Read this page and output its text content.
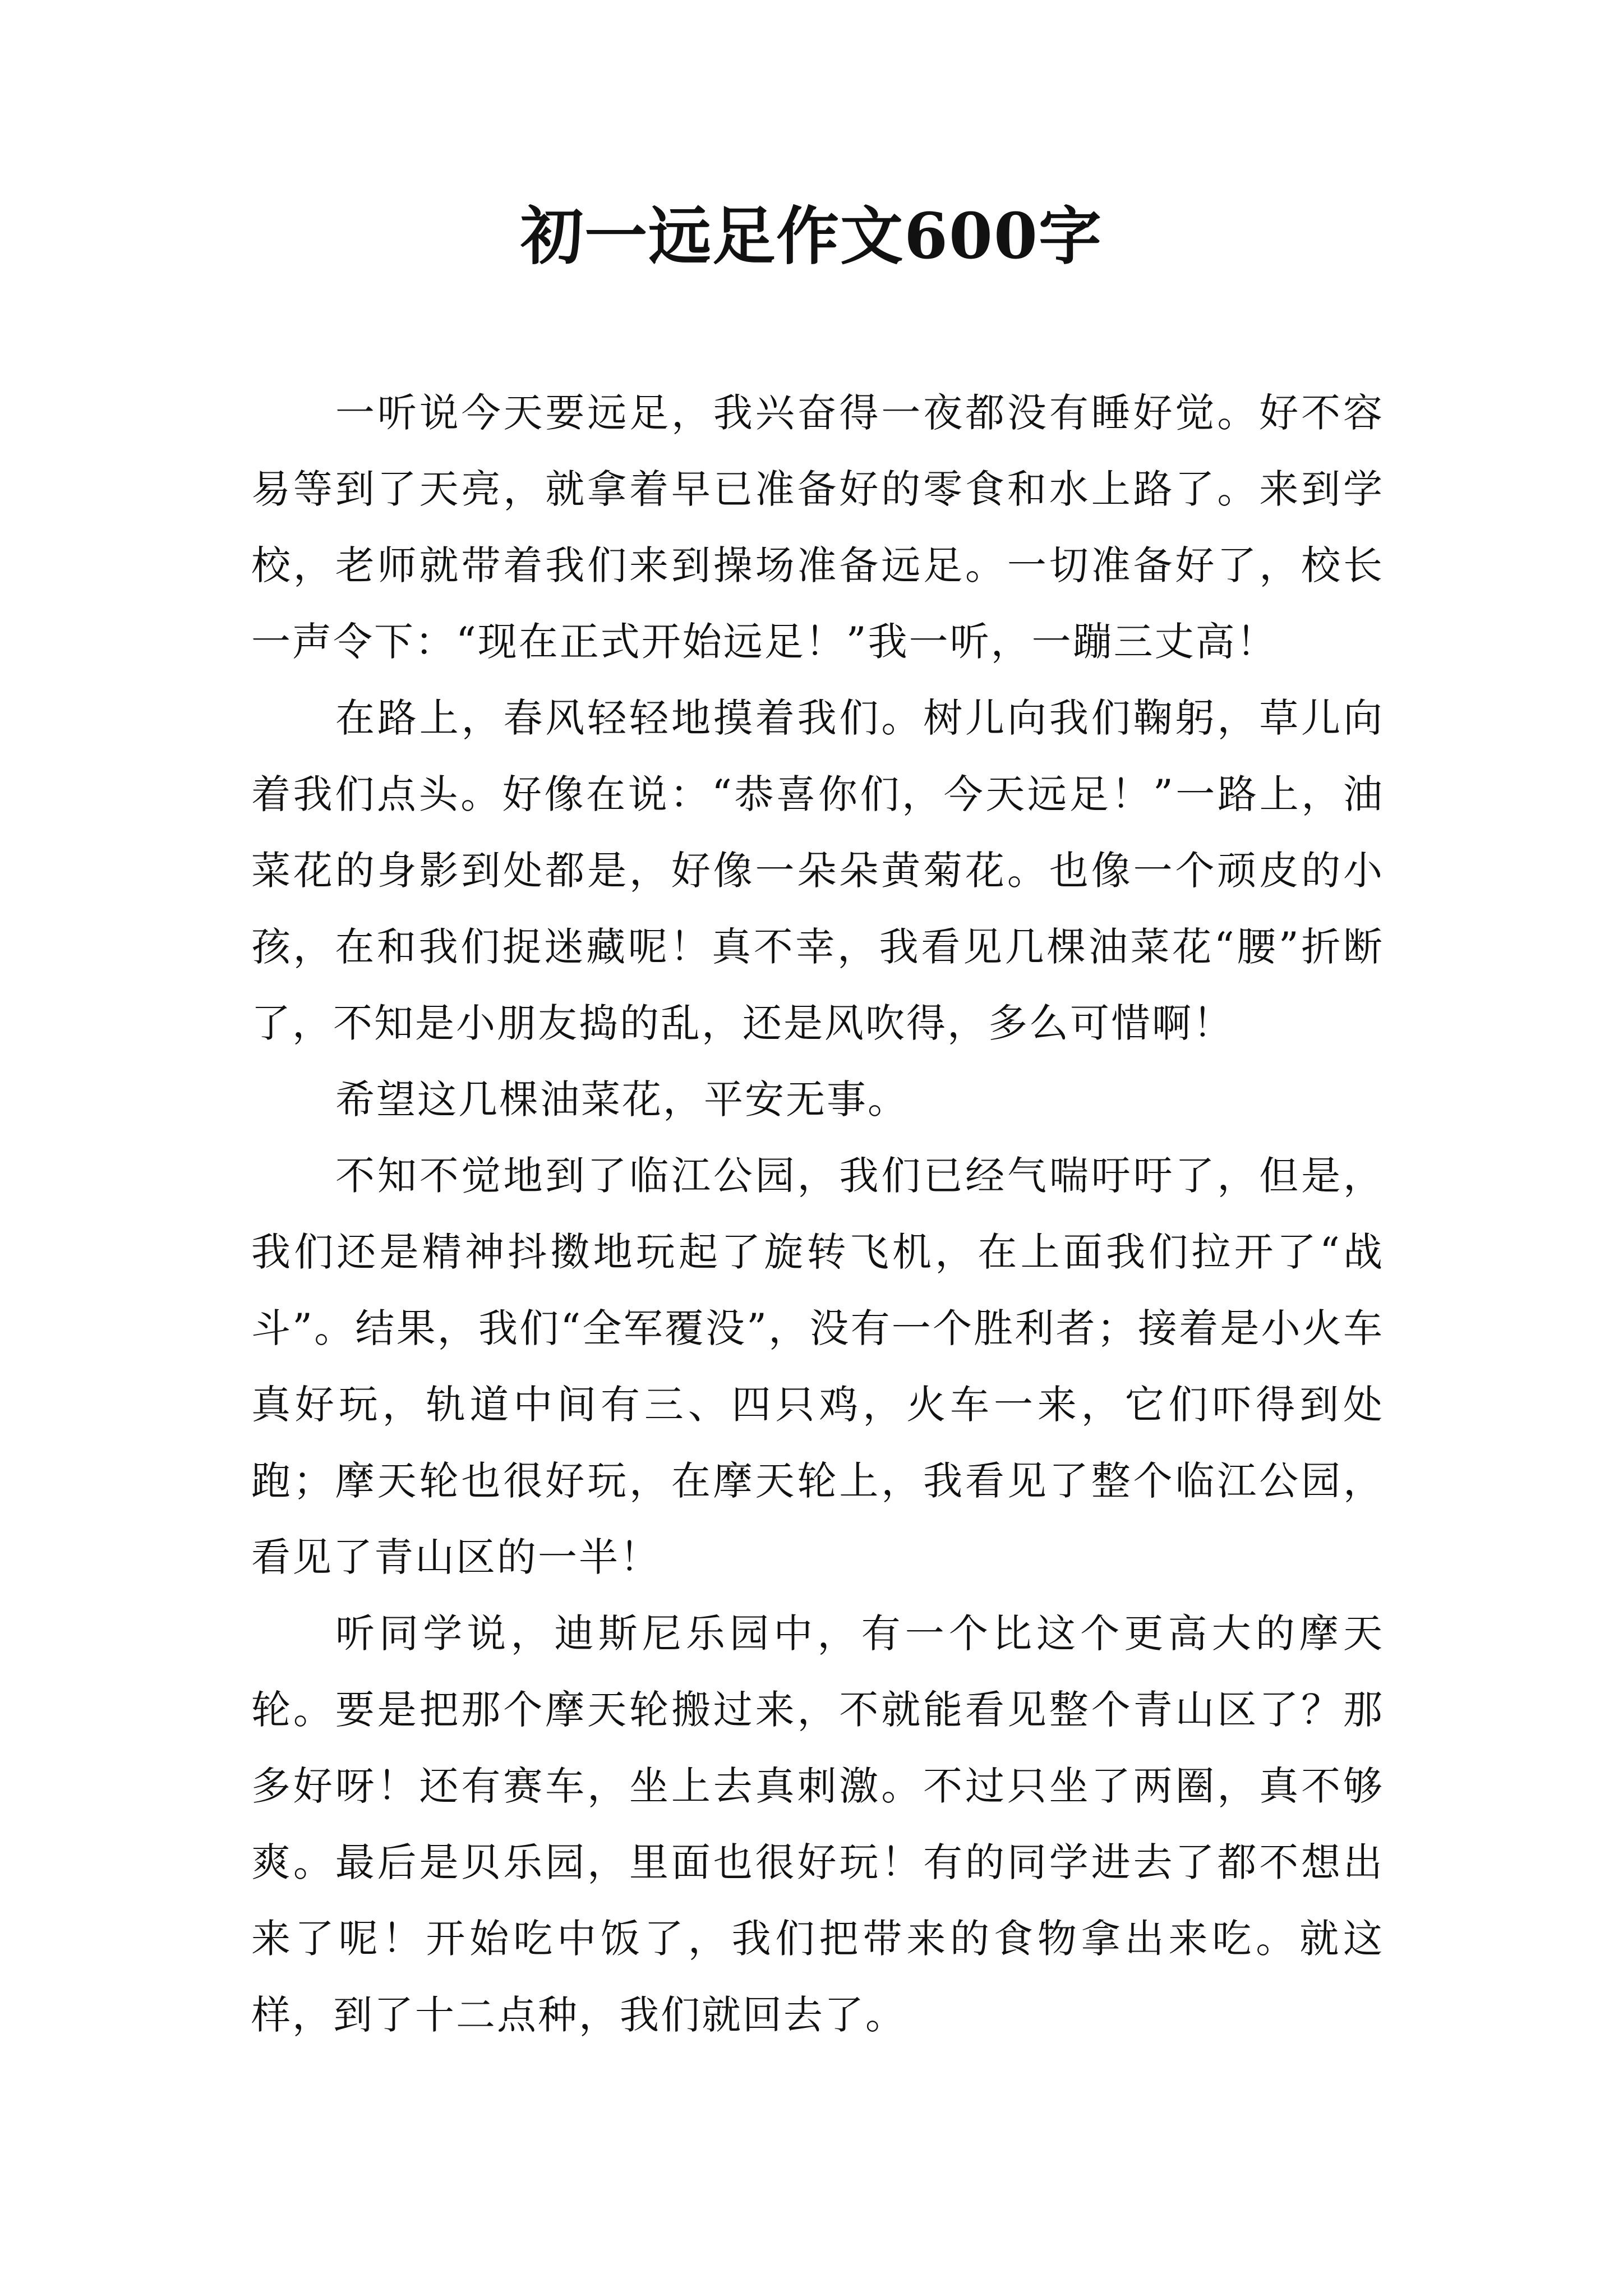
初一远足作文600字

一听说今天要远足，我兴奋得一夜都没有睡好觉。好不容易等到了天亮，就拿着早已准备好的零食和水上路了。来到学校，老师就带着我们来到操场准备远足。一切准备好了，校长一声令下：“现在正式开始远足！”我一听，一蹦三丈高！

在路上，春风轻轻地摸着我们。树儿向我们鞠躬，草儿向着我们点头。好像在说：“恭喜你们，今天远足！”一路上，油菜花的身影到处都是，好像一朵朵黄菊花。也像一个顽皮的小孩，在和我们捉迷藏呢！真不幸，我看见几棵油菜花“腰”折断了，不知是小朋友捣的乱，还是风吹得，多么可惜啊！

希望这几棵油菜花，平安无事。

不知不觉地到了临江公园，我们已经气喘吁吁了，但是，我们还是精神抖擞地玩起了旋转飞机，在上面我们拉开了“战斗”。结果，我们“全军覆没”，没有一个胜利者；接着是小火车真好玩，轨道中间有三、四只鸡，火车一来，它们吓得到处跑；摩天轮也很好玩，在摩天轮上，我看见了整个临江公园，看见了青山区的一半！

听同学说，迪斯尼乐园中，有一个比这个更高大的摩天轮。要是把那个摩天轮搬过来，不就能看见整个青山区了？那多好呀！还有赛车，坐上去真刺激。不过只坐了两圈，真不够爽。最后是贝乐园，里面也很好玩！有的同学进去了都不想出来了呢！开始吃中饭了，我们把带来的食物拿出来吃。就这样，到了十二点种，我们就回去了。
